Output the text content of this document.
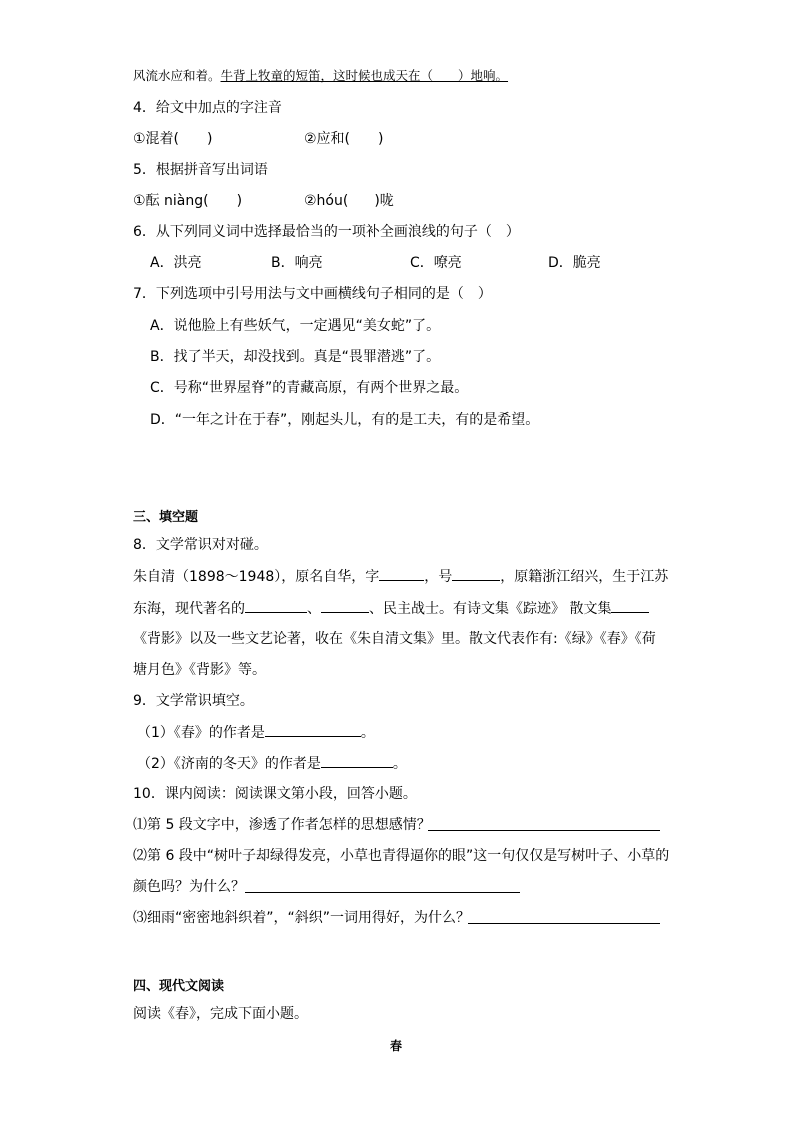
风流水应和着。牛背上牧童的短笛，这时候也成天在（　　）地响。
4．给文中加点的字注音
①混着( )	②应和( )
5．根据拼音写出词语
①酝 niàng( )	②hóu( )咙
6．从下列同义词中选择最恰当的一项补全画浪线的句子（　）
A．洪亮	B．响亮	C．嘹亮	D．脆亮
7．下列选项中引号用法与文中画横线句子相同的是（　）
A．说他脸上有些妖气，一定遇见“美女蛇”了。
B．找了半天，却没找到。真是“畏罪潜逃”了。
C．号称“世界屋脊”的青藏高原，有两个世界之最。
D．“一年之计在于春”，刚起头儿，有的是工夫，有的是希望。
三、填空题
8．文学常识对对碰。
朱自清（1898～1948），原名自华，字	，号	，原籍浙江绍兴，生于江苏
东海，现代著名的	、	、民主战士。有诗文集《踪迹》 散文集
《背影》以及一些文艺论著，收在《朱自清文集》里。散文代表作有:《绿》《春》《荷
塘月色》《背影》等。
9．文学常识填空。
（1）《春》的作者是	。
（2）《济南的冬天》的作者是	。
10．课内阅读：阅读课文第小段，回答小题。
⑴第 5 段文字中，渗透了作者怎样的思想感情？
⑵第 6 段中“树叶子却绿得发亮，小草也青得逼你的眼”这一句仅仅是写树叶子、小草的
颜色吗？为什么？
⑶细雨“密密地斜织着”，“斜织”一词用得好，为什么？
四、现代文阅读
阅读《春》，完成下面小题。
春
